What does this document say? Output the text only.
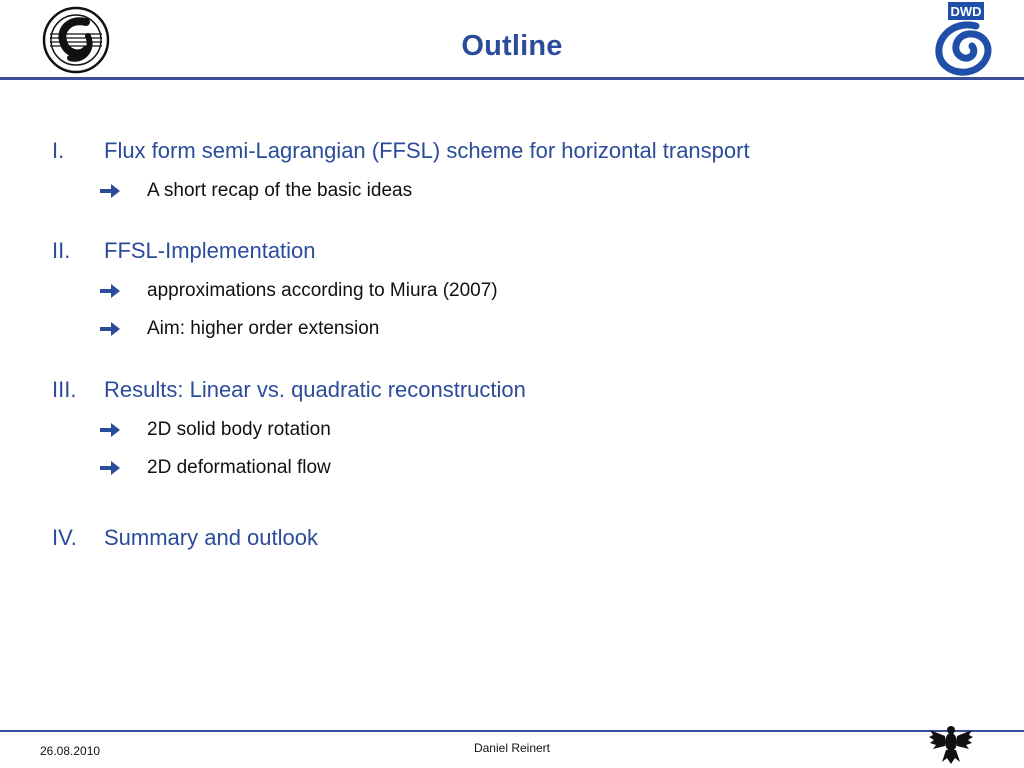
Outline
DWD
I.	Flux form semi-Lagrangian (FFSL) scheme for horizontal transport
A short recap of the basic ideas
II.	FFSL-Implementation
approximations according to Miura (2007)
Aim: higher order extension
III.	Results: Linear vs. quadratic reconstruction
2D solid body rotation
2D deformational flow
IV.	Summary and outlook
26.08.2010	Daniel Reinert
